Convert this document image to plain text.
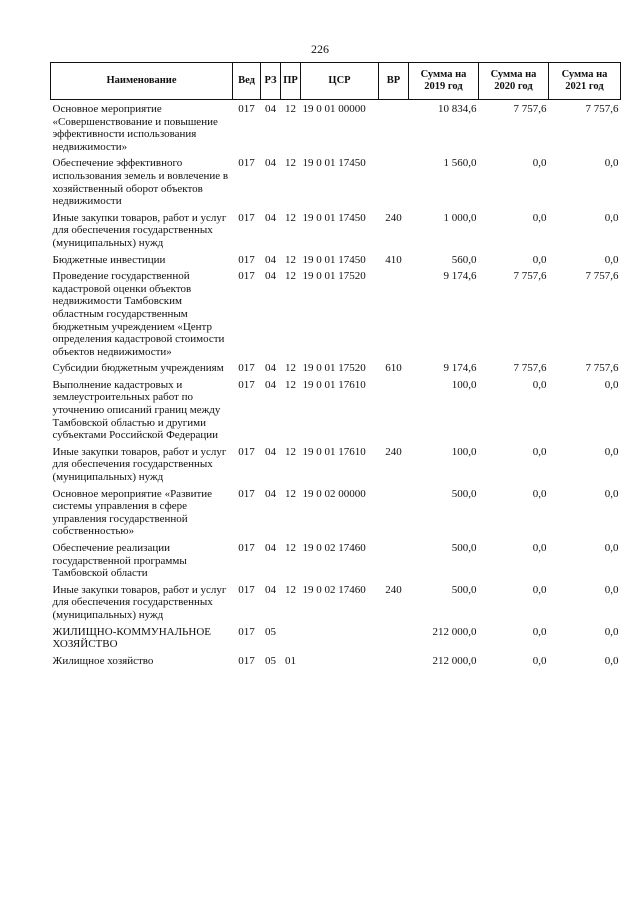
226
Наименование	Вед	РЗ	ПР	ЦСР	ВР	Сумма на 2019 год	Сумма на 2020 год	Сумма на 2021 год

Основное мероприятие «Совершенствование и повышение эффективности использования недвижимости»	017	04	12	19 0 01 00000		10 834,6	7 757,6	7 757,6
Обеспечение эффективного использования земель и вовлечение в хозяйственный оборот объектов недвижимости	017	04	12	19 0 01 17450		1 560,0	0,0	0,0
Иные закупки товаров, работ и услуг для обеспечения государственных (муниципальных) нужд	017	04	12	19 0 01 17450	240	1 000,0	0,0	0,0
Бюджетные инвестиции	017	04	12	19 0 01 17450	410	560,0	0,0	0,0
Проведение государственной кадастровой оценки объектов недвижимости Тамбовским областным государственным бюджетным учреждением «Центр определения кадастровой стоимости объектов недвижимости»	017	04	12	19 0 01 17520		9 174,6	7 757,6	7 757,6
Субсидии бюджетным учреждениям	017	04	12	19 0 01 17520	610	9 174,6	7 757,6	7 757,6
Выполнение кадастровых и землеустроительных работ по уточнению описаний границ между Тамбовской областью и другими субъектами Российской Федерации	017	04	12	19 0 01 17610		100,0	0,0	0,0
Иные закупки товаров, работ и услуг для обеспечения государственных (муниципальных) нужд	017	04	12	19 0 01 17610	240	100,0	0,0	0,0
Основное мероприятие «Развитие системы управления в сфере управления государственной собственностью»	017	04	12	19 0 02 00000		500,0	0,0	0,0
Обеспечение реализации государственной программы Тамбовской области	017	04	12	19 0 02 17460		500,0	0,0	0,0
Иные закупки товаров, работ и услуг для обеспечения государственных (муниципальных) нужд	017	04	12	19 0 02 17460	240	500,0	0,0	0,0
ЖИЛИЩНО-КОММУНАЛЬНОЕ ХОЗЯЙСТВО	017	05				212 000,0	0,0	0,0
Жилищное хозяйство	017	05	01			212 000,0	0,0	0,0
